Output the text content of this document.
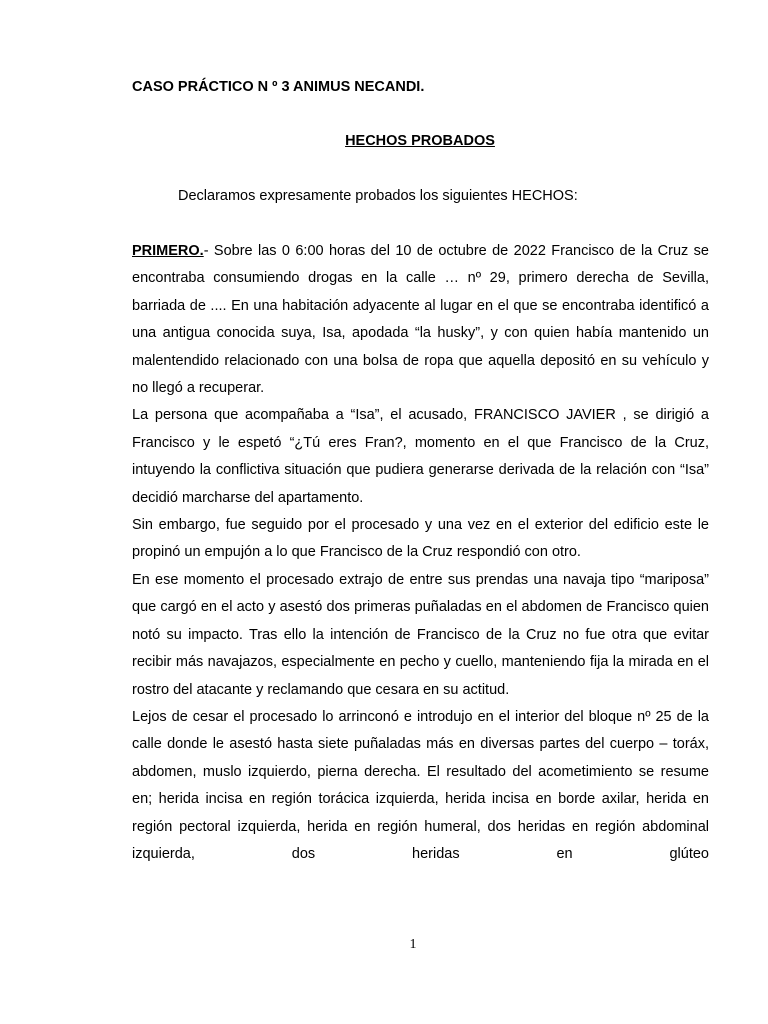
CASO PRÁCTICO N º 3 ANIMUS NECANDI.
HECHOS PROBADOS

Declaramos expresamente probados los siguientes HECHOS:

PRIMERO.- Sobre las 0 6:00 horas del 10 de octubre de 2022 Francisco de la Cruz se encontraba consumiendo drogas en la calle … nº 29, primero derecha de Sevilla, barriada de .... En una habitación adyacente al lugar en el que se encontraba identificó a una antigua conocida suya, Isa, apodada “la husky”, y con quien había mantenido un malentendido relacionado con una bolsa de ropa que aquella depositó en su vehículo y no llegó a recuperar.

La persona que acompañaba a “Isa”, el acusado, FRANCISCO JAVIER , se dirigió a Francisco y le espetó “¿Tú eres Fran?, momento en el que Francisco de la Cruz, intuyendo la conflictiva situación que pudiera generarse derivada de la relación con “Isa” decidió marcharse del apartamento.

Sin embargo, fue seguido por el procesado y una vez en el exterior del edificio este le propinó un empujón a lo que Francisco de la Cruz respondió con otro.

En ese momento el procesado extrajo de entre sus prendas una navaja tipo “mariposa” que cargó en el acto y asestó dos primeras puñaladas en el abdomen de Francisco quien notó su impacto. Tras ello la intención de Francisco de la Cruz no fue otra que evitar recibir más navajazos, especialmente en pecho y cuello, manteniendo fija la mirada en el rostro del atacante y reclamando que cesara en su actitud.

Lejos de cesar el procesado lo arrinconó e introdujo en el interior del bloque nº 25 de la calle donde le asestó hasta siete puñaladas más en diversas partes del cuerpo – toráx, abdomen, muslo izquierdo, pierna derecha. El resultado del acometimiento se resume en; herida incisa en región torácica izquierda, herida incisa en borde axilar, herida en región pectoral izquierda, herida en región humeral, dos heridas en región abdominal izquierda, dos heridas en glúteo

1
